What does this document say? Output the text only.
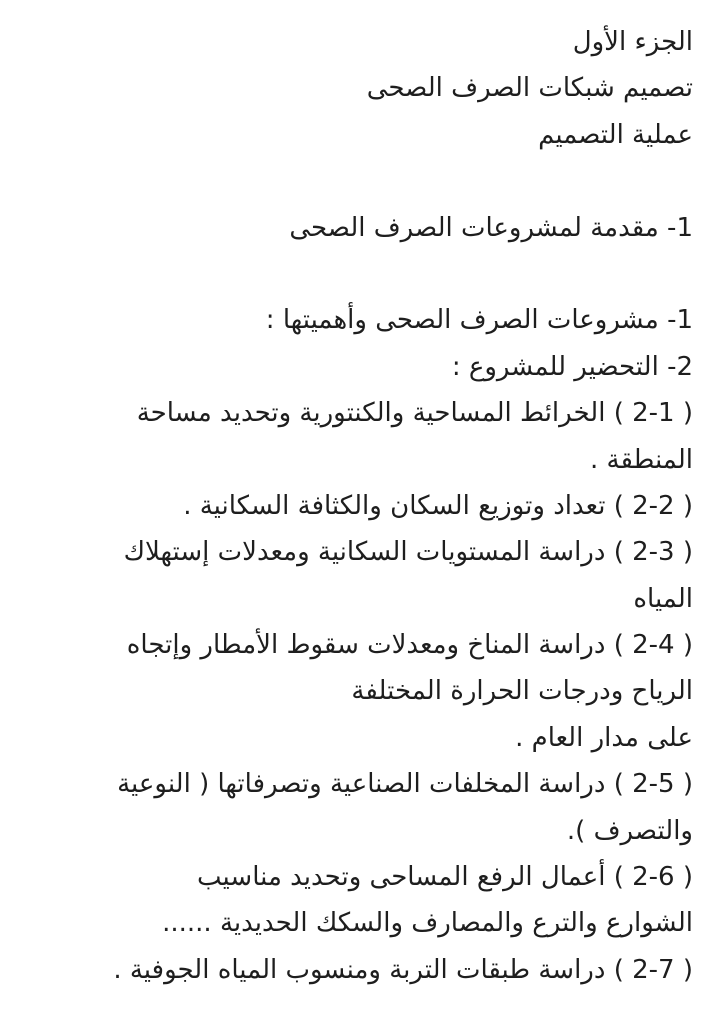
الجزء الأول
تصميم شبكات الصرف الصحى
عملية التصميم
1- مقدمة لمشروعات الصرف الصحى
1- مشروعات الصرف الصحى وأهميتها :
2- التحضير للمشروع :
( 2-1 ) الخرائط المساحية والكنتورية وتحديد مساحة
المنطقة .
( 2-2 ) تعداد وتوزيع السكان والكثافة السكانية .
( 2-3 ) دراسة المستويات السكانية ومعدلات إستهلاك
المياه
( 2-4 ) دراسة المناخ ومعدلات سقوط الأمطار وإتجاه
الرياح ودرجات الحرارة المختلفة
على مدار العام .
( 2-5 ) دراسة المخلفات الصناعية وتصرفاتها ( النوعية
والتصرف ).
( 2-6 ) أعمال الرفع المساحى وتحديد مناسيب
الشوارع والترع والمصارف والسكك الحديدية ......
( 2-7 ) دراسة طبقات التربة ومنسوب المياه الجوفية .
